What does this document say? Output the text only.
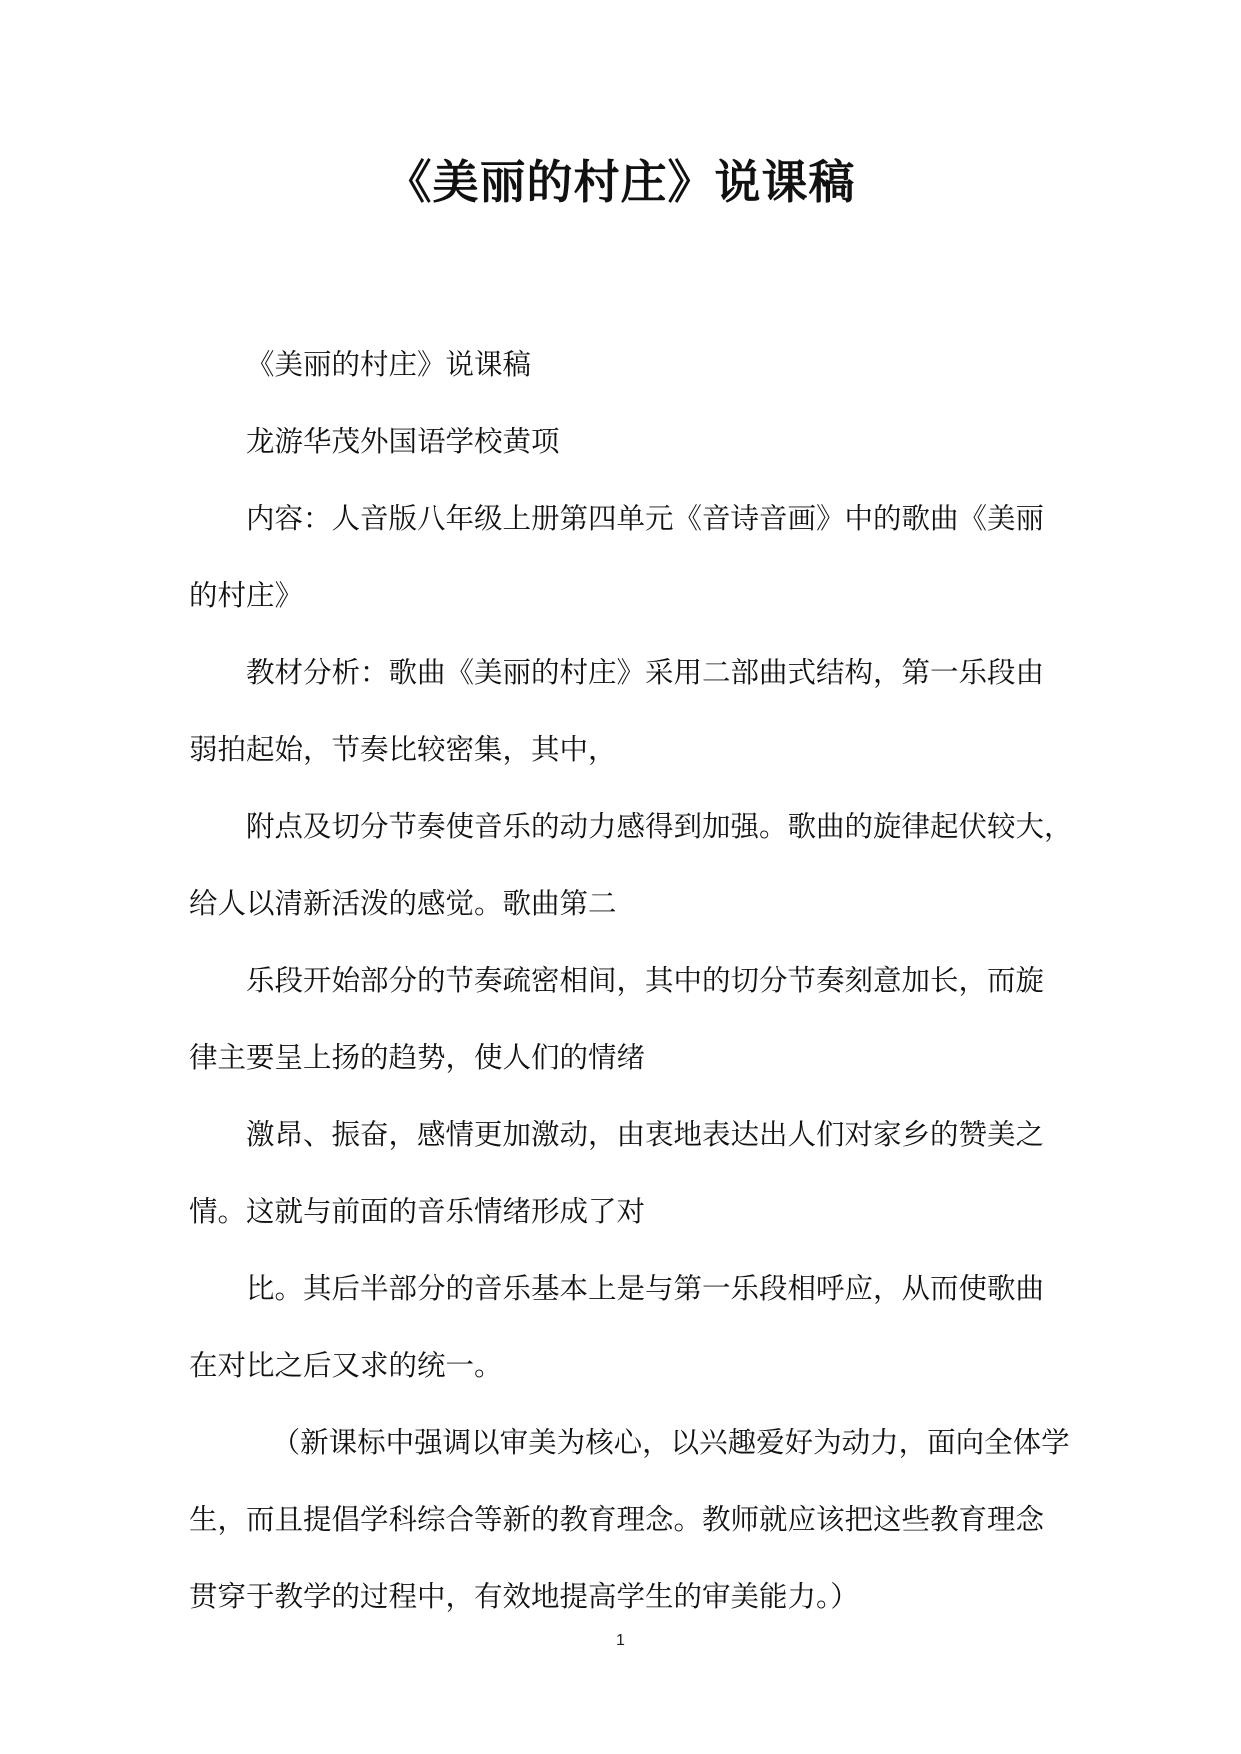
《美丽的村庄》说课稿

《美丽的村庄》说课稿

龙游华茂外国语学校黄项

内容：人音版八年级上册第四单元《音诗音画》中的歌曲《美丽
的村庄》

教材分析：歌曲《美丽的村庄》采用二部曲式结构，第一乐段由
弱拍起始，节奏比较密集，其中，

附点及切分节奏使音乐的动力感得到加强。歌曲的旋律起伏较大，
给人以清新活泼的感觉。歌曲第二

乐段开始部分的节奏疏密相间，其中的切分节奏刻意加长，而旋
律主要呈上扬的趋势，使人们的情绪

激昂、振奋，感情更加激动，由衷地表达出人们对家乡的赞美之
情。这就与前面的音乐情绪形成了对

比。其后半部分的音乐基本上是与第一乐段相呼应，从而使歌曲
在对比之后又求的统一。

（新课标中强调以审美为核心，以兴趣爱好为动力，面向全体学
生，而且提倡学科综合等新的教育理念。教师就应该把这些教育理念
贯穿于教学的过程中，有效地提高学生的审美能力。）

1
